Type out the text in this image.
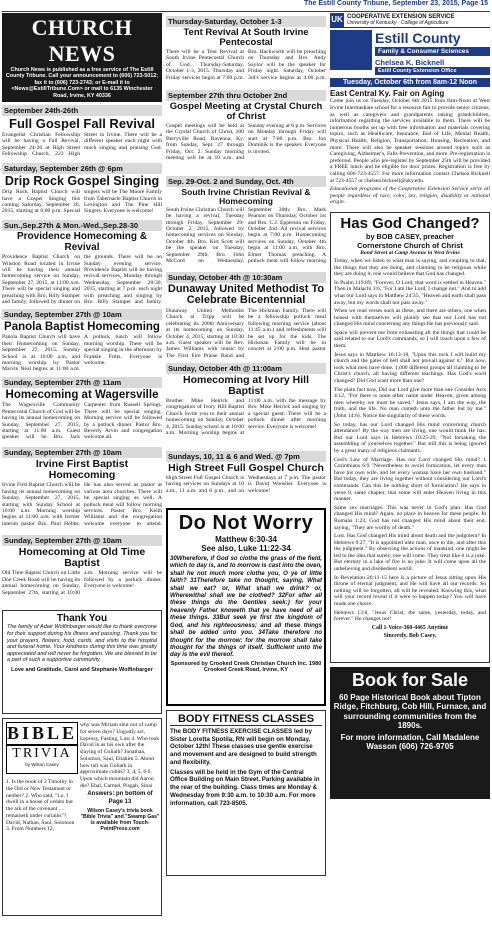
The Estill County Tribune, September 23, 2015, Page 15
CHURCH NEWS
Church News is published as a free service of The Estill County Tribune. Call your announcement to (606) 723-5012; fax it to (606) 723-2743; or E-mail it to <News@EstillTribune.Com> or mail to 6135 Winchester Road, Irvine, KY 40336
September 24th-26th
Full Gospel Fall Revival
Evangelist Christian Fellowship will be having a Fall Revival, September 24-26 at High Street Fellowship Church, 223 High Street in Irvine. There will be a different speaker each night with much singing and praising God.
Saturday, September 26th @ 6pm
Drip Rock Gospel Singing
Drip Rock Baptist Church will have a Gospel Singing this coming Saturday, September 26, 2015, starting at 6:00 p.m. Special singers will be The Moore Family from Tabernacle Baptist Church in Lexington and The Pine Hill Singers. Everyone is welcome!
Sun.,Sep.27th & Mon.-Wed.,Sep.28-30
Providence Homecoming & Revival
Providence Baptist Church on Winston Road located in Irvine will be having their annual homecoming service on Sunday, September 27, 2015, at 11:00 a.m. There will be special singing and preaching with Bro. Billy Stamper and family, followed by dinner on the grounds. There will be no Sunday evening service. Providence Baptist will be having revival services, Monday through Wednesday, September 28-30, 2015, starting at 7 p.m. each night with preaching and singing by Bro. Billy Stamper and family.
Sunday, September 27th @ 10am
Panola Baptist Homecoming
Panola Baptist Church will have their Homecoming on Sunday, September 27, 2015. Sunday School is at 10:00 a.m. and morning worship by Pastor Marvin Neal begins at 11:00 a.m. A potluck lunch will follow morning worship. There will be special singing in the afternoon by Frankie Fritts. Everyone is welcome.
Sunday, September 27th @ 11am
Homecoming at Wagersville
The Wagersville Community Pentecostal Church of God will be having its annual homecoming on Sunday, September 27, 2015, starting at 11:00 a.m. Guest speaker will be Bro. Jack Carpenter from Russell Springs. There will be special singing. Morning service will be followed by a potluck dinner. Pastor Bro. Beverly Arvin and congregation welcome all.
Sunday, September 27th @ 10am
Irvine First Baptist Homecoming
Irvine First Baptist Church will be having its annual homecoming on Sunday, September 27, 2015, starting with Sunday School at 10:00 a.m. Morning worship begins at 11:00 a.m. with former interim pastor Bro. Paul Hobbs. He has also served as pastor at various area churches. There will be special singing as well. A potluck meal will follow morning services. Pastor Bro. Keith Williams and the congregation welcome everyone to attend.
Sunday, September 27th @ 10am
Homecoming at Old Time Baptist
Old Time Baptist Church on Little Doe Creek Road will be having its annual homecoming on Sunday, September 27th, starting at 10:00 a.m. Morning service will be followed by a potluck dinner. Everyone is welcome!
Thank You
The family of Adair Wolfinbarger would like to thank everyone for their support during his illness and passing. Thank you for your prayers, flowers, food, cards, and visits to the hospital and funeral home. Your kindness during this time was greatly appreciated and will never be forgotten. We are blessed to be a part of such a supportive community.
Love and Gratitude, Carol and Stephanie Wolfinbarger
BIBLE
TRIVIA
by Wilson Casey
1. Is the book of 3 Timothy in the Old or New Testament or neither? 2. Who said, "Lo, I dwell in a house of cedars but the ark of the covenant ... remaineth under curtains"? David, Nathan, Saul, Solomon 3. From Numbers 12,
why was Miriam shut out of camp for seven days? Ungodly act, Leprosy, Fasting, Lust 4. Who took David in as his own after the slaying of Goliath? Jonathan, Solomon, Saul, Eliakim 5. About how tall was Goliath in approximate cubits? 3, 4, 5, 6 6. Upon which mountain did Aaron die? Ebal, Carmel, Pisgah, Sinai
Answers: pn bottom of Page 13
Wilson Casey's trivia book "Bible Trivia" and "Swamp Gas" is available from Touch-PointPress.com
Thursday-Saturday, October 1-3
Tent Revival At South Irvine Pentecostal
There will be a Tent Revival at South Irvine Pentecostal Church of God, Thursday-Saturday, October 1-3, 2015. Thursday and Friday services begin at 7:00 p.m. Bro. Hackworth will be preaching on Thursday and Bro. Andy Saylor will be the speaker for Friday night. Saturday, October 3rd's service begins at 4:00 p.m.
September 27th thru October 2nd
Gospel Meeting at Crystal Church of Christ
Gospel meetings will be held at the Crystal Church of Christ, 100 Berryville Road, Ravenna, Ky. from Sunday, Sept. 27 through Friday, Oct. 2. Sunday morning meeting will be at 10 a.m. and Sunday evening at 6 p.m. Services on Monday through Friday will start at 7:00 p.m. Bro. Jon Dominik is the speaker. Everyone is invited.
Sep. 29-Oct. 2 and Sunday, Oct. 4th
South Irvine Christian Revival & Homecoming
South Irvine Christian Church will be having a revival, Tuesday through Friday, September 29-October 2, 2015, followed by homecoming services on Sunday, October 4th. Bro. Kirt Scott will be the speaker on Tuesday, September 29th; Bro. John McCord on Wednesday, September 30th; Bro. Mark Pearson on Thursday, October 1st and Bro. C.J. Epperson on Friday, October 2nd. All revival services begin at 7:00 p.m. Homecoming services on Sunday, October 4th begin at 11:00 a.m. with Bro. Elmer Thomas preaching. A potluck meal will follow morning
Sunday, October 4th @ 10:30am
Dunaway United Methodist To Celebrate Bicentennial
Dunaway United Methodist Church at Tripp will be celebrating its 200th Anniversary at its homecoming on Sunday, October 4, 2015, starting at 10:30 a.m. Guest speaker will be Rev. James Williams with music by The First Fire Praise Band and The Hickman Family. There will be a fellowship potluck meal following morning service (about 11:45 a.m.) and refreshments will be set up for the kids. The Hickman Family will be in concert at 2:00 p.m. Host pastor
Sunday, October 4th @ 11:00am
Homecoming at Ivory Hill Baptist
Brother Mike Heirick and congregation of Ivory Hill Baptist Church invite you to their annual homecoming on Sunday, October 4, 2015. Sunday school is at 10:00 a.m. Morning worship begins at 11:00 a.m. with the message by Bro. Mike Heirick and singing by a special guest. There will be a potluck dinner after morning service. Everyone is welcome!
Sundays, 10, 11 & 6 and Wed. @ 7pm
High Street Full Gospel Church
High Street Full Gospel Church is having services on Sundays at 10 a.m., 11 a.m. and 6 p.m., and on Wednesdays at 7 p.m. The pastor is David Wooslier. Everyone is welcome!
Do Not Worry
Matthew 6:30-34
See also, Luke 11:22-34
30Wherefore, if God so clothe the grass of the field, which to day is, and to morrow is cast into the oven, shall he not much more clothe you, O ye of little faith? 31Therefore take no thought, saying, What shall we eat? or, What shall we drink? or, Wherewithal shall we be clothed? 32For after all these things do the Gentiles seek:) for your heavenly Father knoweth that ye have need of all these things. 33But seek ye first the kingdom of God, and his righteousness; and all these things shall be added unto you. 34Take therefore no thought for the morrow: for the morrow shall take thought for the things of itself. Sufficient unto the day is the evil thereof.
Sponsored by Crooked Creek Christian Church Inc. 1980 Crooked Creek Road, Irvine, KY
BODY FITNESS CLASSES
The BODY FITNESS EXERCISE CLASSES led by Sister Loretta Spotila, RN will begin on Monday, October 12th! These classes use gentle exercise and movement and are designed to build strength and flexibility.
Classes will be held in the Gym of the Central Office Building on Main Street. Parking available in the rear of the building. Class times are Monday & Wednesday from 9:30 a.m. to 10:30 a.m. For more information, call 723-8505.
UK COOPERATIVE EXTENSION SERVICE
University of Kentucky · College of Agriculture
Estill County
Family & Consumer Sciences
Chelsea K. Bicknell
Estill County Extension Office
Tuesday, October 6th from 8am-12 Noon
East Central Ky. Fair on Aging
Come join us on Tuesday, October 6th 2015 from 8am-Noon at West Irvine Intermediate school for a resource fair to provide senior citizens, as well as caregivers and grandparents raising grandchildren, information regarding the services available to them. There will be numerous booths set up with free information and materials covering topics, such as Healthcare, Insurance, End of Life, Mental Health, Physical Health, Religion, Transportation, Housing, Recreation, and more. There will also be speaker sessions around topics such as Caregiving, Alzheimer's, Falls Prevention, and more. Pre-registration is preferred. People who pre-register by September 25th will be provided a FREE lunch and be eligible for door prizes. Registration is free by calling 606-723-4557. For more information contact Chelsea Bicknell at 723-4557 or chelsea.bicknell@uky.edu.
Educational programs of the Cooperative Extension Service serve all people regardless of race, color, sex, religion, disability or national origin.
Has God Changed?
by BOB CASEY, preacher
Cornerstone Church of Christ
Bond Street at Camp Avenue in West Irvine
Today, when we listen to what man is saying, and coupling to that, the things that they are doing, and claiming to be religious while they are doing it, one would believe that God has changed.
In Psalm 119:89, "Forever, O Lord, that word is settled in Heaven." Then in Malachi 3:6, "For I am the Lord, I change not." And to add what our Lord says in Matthew 24:35, "Heaven and earth shall pass away, but my words shall not pass away."
When we read verses such as these, and there are others, one when honest with themselves will plainly see that our Lord has not changed His mind concerning any things He has previously said.
Space will prevent me from exhausting all the things that could be said related to our Lord's commands, so I will touch upon a few of them.
Jesus says in Matthew 16:13-18, "Upon this rock I will build my church and the gates of hell shall not prevail against it." But now, look what men have done. 1,000 different groups all claiming to be Christ's church, all having different teachings. Has God's word changed? Did God want more than one?
The plain fact now, Did our Lord give more than one Consider Acts 4:12, "For there is none other name under Heaven, given among men whereby we must be saved." Jesus says, I am the way, the truth, and the life. No man cometh unto the father but by me." (John 14:6). Notice the singularity of these words.
So today, has our Lord changed His mind concerning church attendance? By the way men are living, one would think He has. But our Lord says in Hebrews 10:25-29, "Not forsaking the assembling of yourselves together." But still this is being ignored by a great many of religious claimants.
God's Law of Marriage. Has our Lord changed His mind? 1 Corinthians 6:9 "Nevertheless to avoid fornication, let every man have his own wife, and let every woman have her own husband." But today, they are living together without considering our Lord's commands. Can this be nothing short of fornication? He says in verse 9, same chapter, that some will enter Heaven living in this manner.
Same sex marriages. This was never in God's plan. Has God changed His mind? Again, no place in heaven for these people. In Romans 1:23, God has not changed His mind about their end, saying, "They are worthy of death."
Lost. Has God changed His mind about death and the judgment? In Hebrews 9:27, "It is appointed unto man, once to die, and after this the judgment." By observing the actions of mankind, one might be led to the idea that surely, one will come. They treat like it is a joke. But eternity in a lake of fire is no joke. It will come upon all the unbelieving and disobedient world.
In Revelation 20:11-15 here is a picture of Jesus sitting upon His throne of eternal judgment, and He will have all our records. So nothing will be forgotten, all will be revealed. Knowing this, what will your record reveal if it were to happen today? You will have made one choice.
Hebrews 13:8, "Jesus Christ, the same, yesterday, today, and forever." He changes not!
Call 1-Voice-360-4465 Anytime
Sincerely, Bob Casey,
Book for Sale
60 Page Historical Book about Tipton Ridge, Fitchburg, Cob Hill, Furnace, and surrounding communities from the 1890s.
For more information, Call Madalene Wasson (606) 726-9705
